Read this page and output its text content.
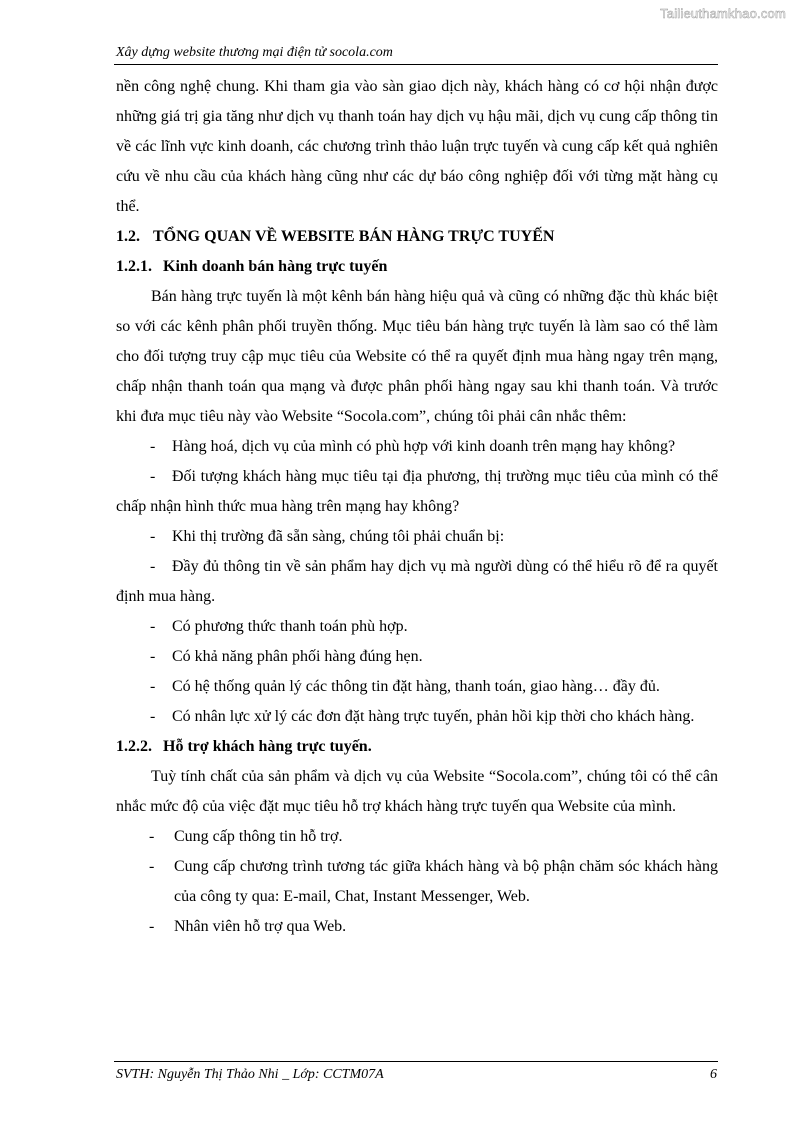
Tailieuthamkhao.com
Xây dựng website thương mại điện tử socola.com

nền công nghệ chung. Khi tham gia vào sàn giao dịch này, khách hàng có cơ hội nhận được những giá trị gia tăng như dịch vụ thanh toán hay dịch vụ hậu mãi, dịch vụ cung cấp thông tin về các lĩnh vực kinh doanh, các chương trình thảo luận trực tuyến và cung cấp kết quả nghiên cứu về nhu cầu của khách hàng cũng như các dự báo công nghiệp đối với từng mặt hàng cụ thể.

1.2. TỔNG QUAN VỀ WEBSITE BÁN HÀNG TRỰC TUYẾN
1.2.1. Kinh doanh bán hàng trực tuyến

Bán hàng trực tuyến là một kênh bán hàng hiệu quả và cũng có những đặc thù khác biệt so với các kênh phân phối truyền thống. Mục tiêu bán hàng trực tuyến là làm sao có thể làm cho đối tượng truy cập mục tiêu của Website có thể ra quyết định mua hàng ngay trên mạng, chấp nhận thanh toán qua mạng và được phân phối hàng ngay sau khi thanh toán. Và trước khi đưa mục tiêu này vào Website “Socola.com”, chúng tôi phải cân nhắc thêm:

- Hàng hoá, dịch vụ của mình có phù hợp với kinh doanh trên mạng hay không?
- Đối tượng khách hàng mục tiêu tại địa phương, thị trường mục tiêu của mình có thể chấp nhận hình thức mua hàng trên mạng hay không?
- Khi thị trường đã sẵn sàng, chúng tôi phải chuẩn bị:
- Đầy đủ thông tin về sản phẩm hay dịch vụ mà người dùng có thể hiểu rõ để ra quyết định mua hàng.
- Có phương thức thanh toán phù hợp.
- Có khả năng phân phối hàng đúng hẹn.
- Có hệ thống quản lý các thông tin đặt hàng, thanh toán, giao hàng… đầy đủ.
- Có nhân lực xử lý các đơn đặt hàng trực tuyến, phản hồi kịp thời cho khách hàng.
1.2.2. Hỗ trợ khách hàng trực tuyến.

Tuỳ tính chất của sản phẩm và dịch vụ của Website “Socola.com”, chúng tôi có thể cân nhắc mức độ của việc đặt mục tiêu hỗ trợ khách hàng trực tuyến qua Website của mình.

- Cung cấp thông tin hỗ trợ.
- Cung cấp chương trình tương tác giữa khách hàng và bộ phận chăm sóc khách hàng của công ty qua: E-mail, Chat, Instant Messenger, Web.
- Nhân viên hỗ trợ qua Web.
SVTH: Nguyễn Thị Thảo Nhi _ Lớp: CCTM07A	6
